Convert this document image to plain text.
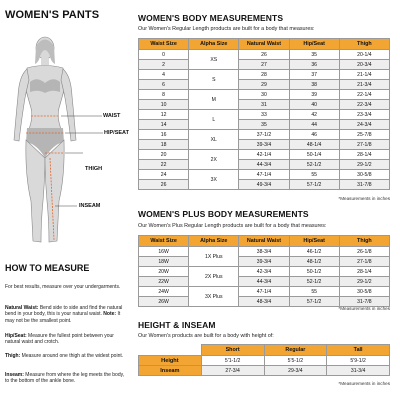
WOMEN'S PANTS
WAIST
HIP/SEAT
THIGH
INSEAM
HOW TO MEASURE
For best results, measure over your undergarments.
Natural Waist: Bend side to side and find the natural bend in your body, this is your natural waist. Note: It may not be the smallest point.
Hip/Seat: Measure the fullest point between your natural waist and crotch.
Thigh: Measure around one thigh at the widest point.
Inseam: Measure from where the leg meets the body, to the bottom of the ankle bone.
WOMEN'S BODY MEASUREMENTS
Our Women's Regular Length products are built for a body that measures:
Waist Size	Alpha Size	Natural Waist	Hip/Seat	Thigh
0	XS	26	35	20-1/4
2		27	36	20-3/4
4	S	28	37	21-1/4
6		29	38	21-3/4
8	M	30	39	22-1/4
10		31	40	22-3/4
12	L	33	42	23-3/4
14		35	44	24-3/4
16	XL	37-1/2	46	25-7/8
18		39-3/4	48-1/4	27-1/8
20	2X	42-1/4	50-1/4	28-1/4
22		44-3/4	52-1/2	29-1/2
24	3X	47-1/4	55	30-5/8
26		49-3/4	57-1/2	31-7/8
*Measurements in inches
WOMEN'S PLUS BODY MEASUREMENTS
Our Women's Plus Regular Length products are built for a body that measures:
Waist Size	Alpha Size	Natural Waist	Hip/Seat	Thigh
16W	1X Plus	38-3/4	46-1/2	26-1/8
18W		39-3/4	48-1/2	27-1/8
20W	2X Plus	42-3/4	50-1/2	28-1/4
22W		44-3/4	52-1/2	29-1/2
24W	3X Plus	47-1/4	55	30-5/8
26W		48-3/4	57-1/2	31-7/8
*Measurements in inches
HEIGHT & INSEAM
Our Women's products are built for a body with height of:
	Short	Regular	Tall
Height	5'1-1/2	5'5-1/2	5'9-1/2
Inseam	27-3/4	29-3/4	31-3/4
*Measurements in inches
